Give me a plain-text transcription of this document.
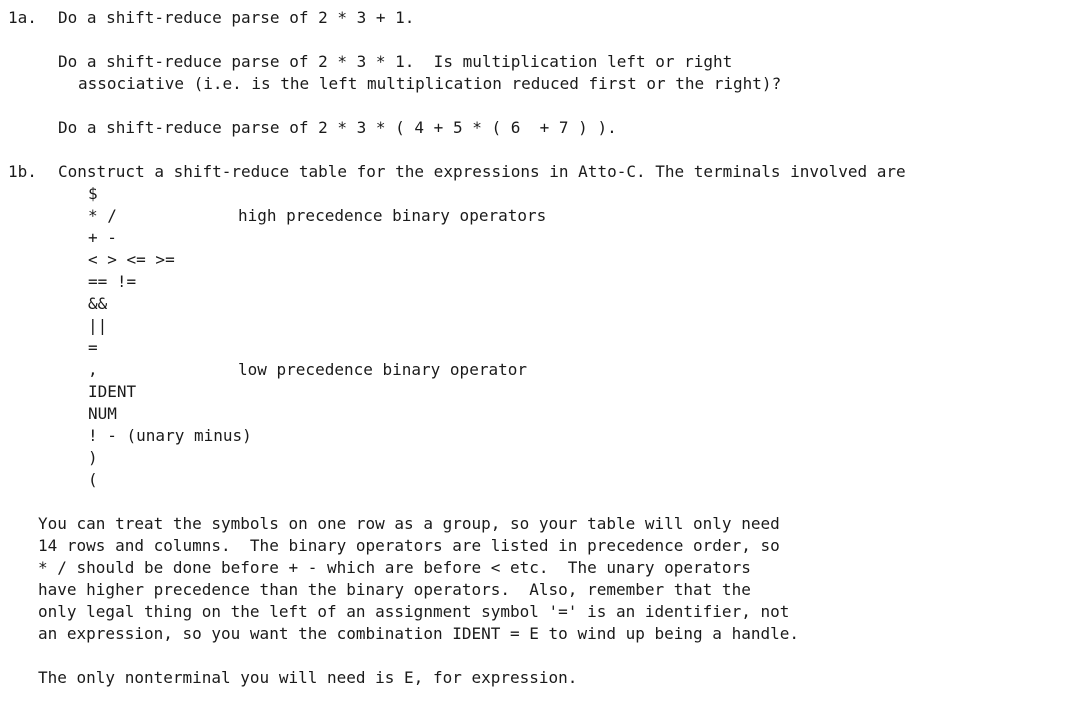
1a. Do a shift-reduce parse of 2 * 3 + 1.
Do a shift-reduce parse of 2 * 3 * 1.  Is multiplication left or right
associative (i.e. is the left multiplication reduced first or the right)?
Do a shift-reduce parse of 2 * 3 * ( 4 + 5 * ( 6  + 7 ) ).
1b. Construct a shift-reduce table for the expressions in Atto-C. The terminals involved are
$
* /	high precedence binary operators
+ -
< > <= >=
== !=
&&
||
=
,	low precedence binary operator
IDENT
NUM
! - (unary minus)
)
(
You can treat the symbols on one row as a group, so your table will only need
14 rows and columns.  The binary operators are listed in precedence order, so
* / should be done before + - which are before < etc.  The unary operators
have higher precedence than the binary operators.  Also, remember that the
only legal thing on the left of an assignment symbol '=' is an identifier, not
an expression, so you want the combination IDENT = E to wind up being a handle.
The only nonterminal you will need is E, for expression.
